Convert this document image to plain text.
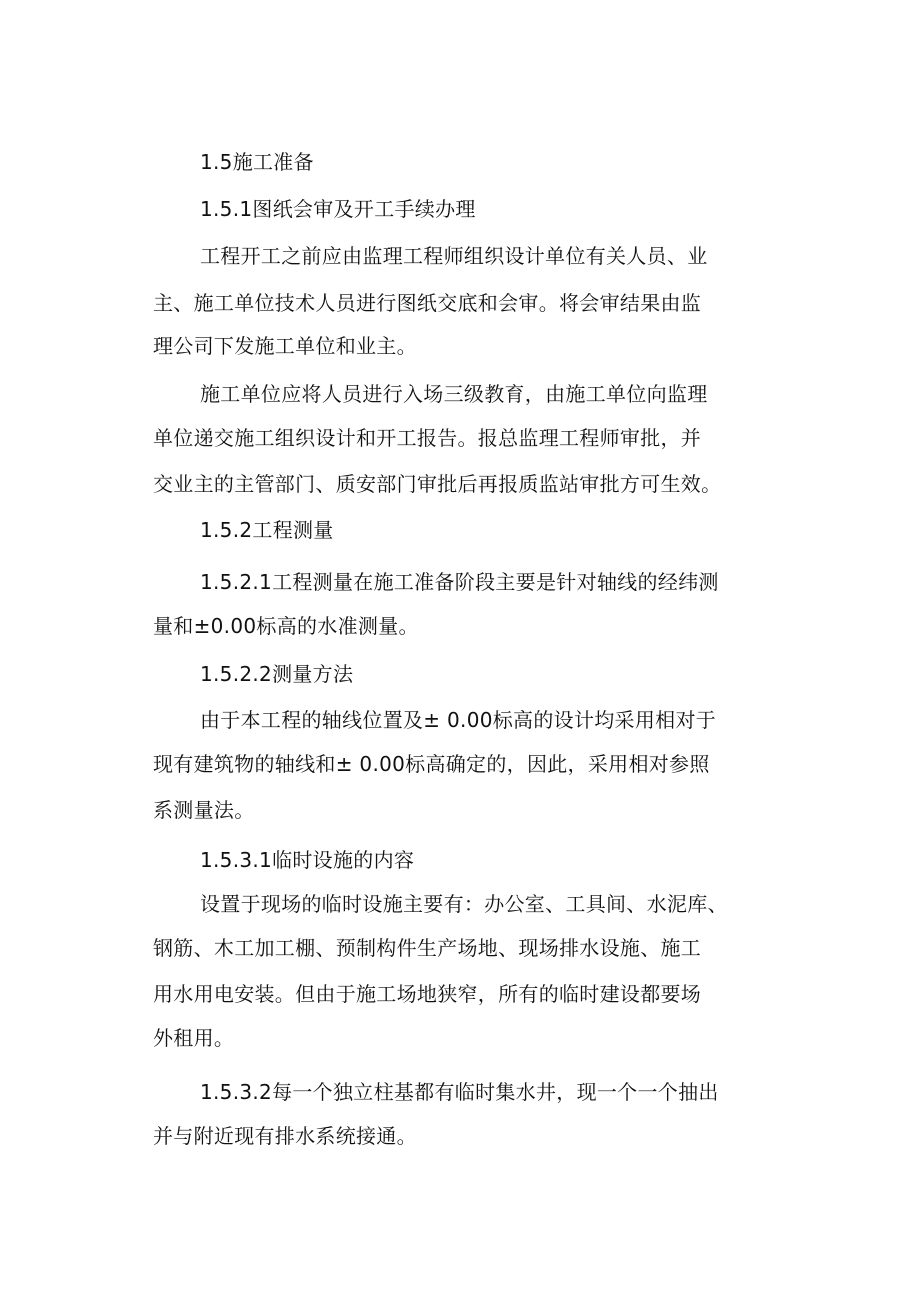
1.5施工准备
1.5.1图纸会审及开工手续办理
工程开工之前应由监理工程师组织设计单位有关人员、业
主、施工单位技术人员进行图纸交底和会审。将会审结果由监
理公司下发施工单位和业主。
施工单位应将人员进行入场三级教育，由施工单位向监理
单位递交施工组织设计和开工报告。报总监理工程师审批，并
交业主的主管部门、质安部门审批后再报质监站审批方可生效。
1.5.2工程测量
1.5.2.1工程测量在施工准备阶段主要是针对轴线的经纬测
量和±0.00标高的水准测量。
1.5.2.2测量方法
由于本工程的轴线位置及± 0.00标高的设计均采用相对于
现有建筑物的轴线和± 0.00标高确定的，因此，采用相对参照
系测量法。
1.5.3.1临时设施的内容
设置于现场的临时设施主要有：办公室、工具间、水泥库、
钢筋、木工加工棚、预制构件生产场地、现场排水设施、施工
用水用电安装。但由于施工场地狭窄，所有的临时建设都要场
外租用。
1.5.3.2每一个独立柱基都有临时集水井，现一个一个抽出
并与附近现有排水系统接通。
